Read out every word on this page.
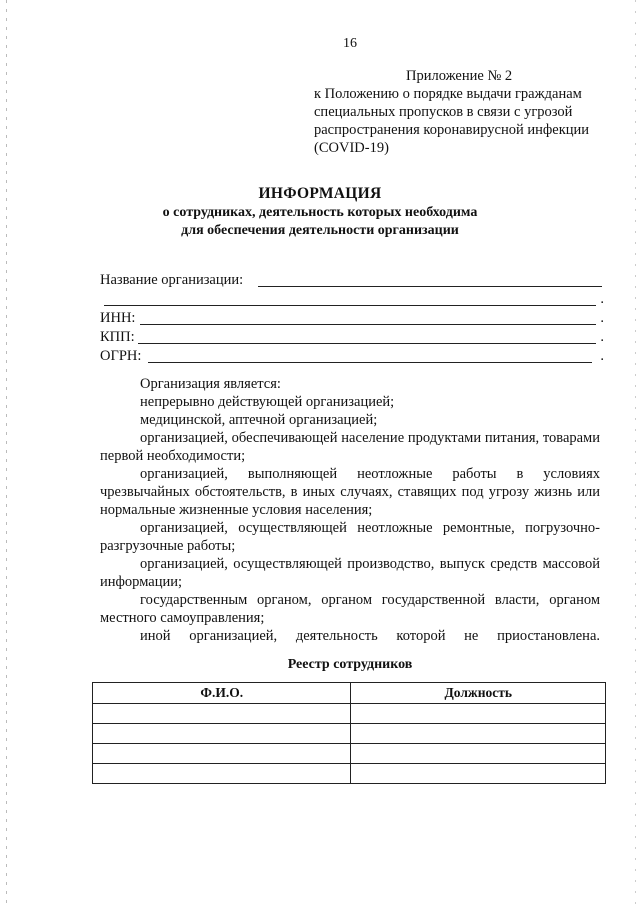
16
Приложение № 2
к Положению о порядке выдачи гражданам
специальных пропусков в связи с угрозой
распространения коронавирусной инфекции
(COVID-19)
ИНФОРМАЦИЯ
о сотрудниках, деятельность которых необходима
для обеспечения деятельности организации
Название организации:
.
ИНН:	.
КПП:	.
ОГРН:	.

Организация является:

непрерывно действующей организацией;

медицинской, аптечной организацией;

организацией, обеспечивающей население продуктами питания, товарами первой необходимости;

организацией, выполняющей неотложные работы в условиях чрезвычайных обстоятельств, в иных случаях, ставящих под угрозу жизнь или нормальные жизненные условия населения;

организацией, осуществляющей неотложные ремонтные, погрузочно-разгрузочные работы;

организацией, осуществляющей производство, выпуск средств массовой информации;

государственным органом, органом государственной власти, органом местного самоуправления;

иной организацией, деятельность которой не приостановлена.

Реестр сотрудников
Ф.И.О.	Должность
